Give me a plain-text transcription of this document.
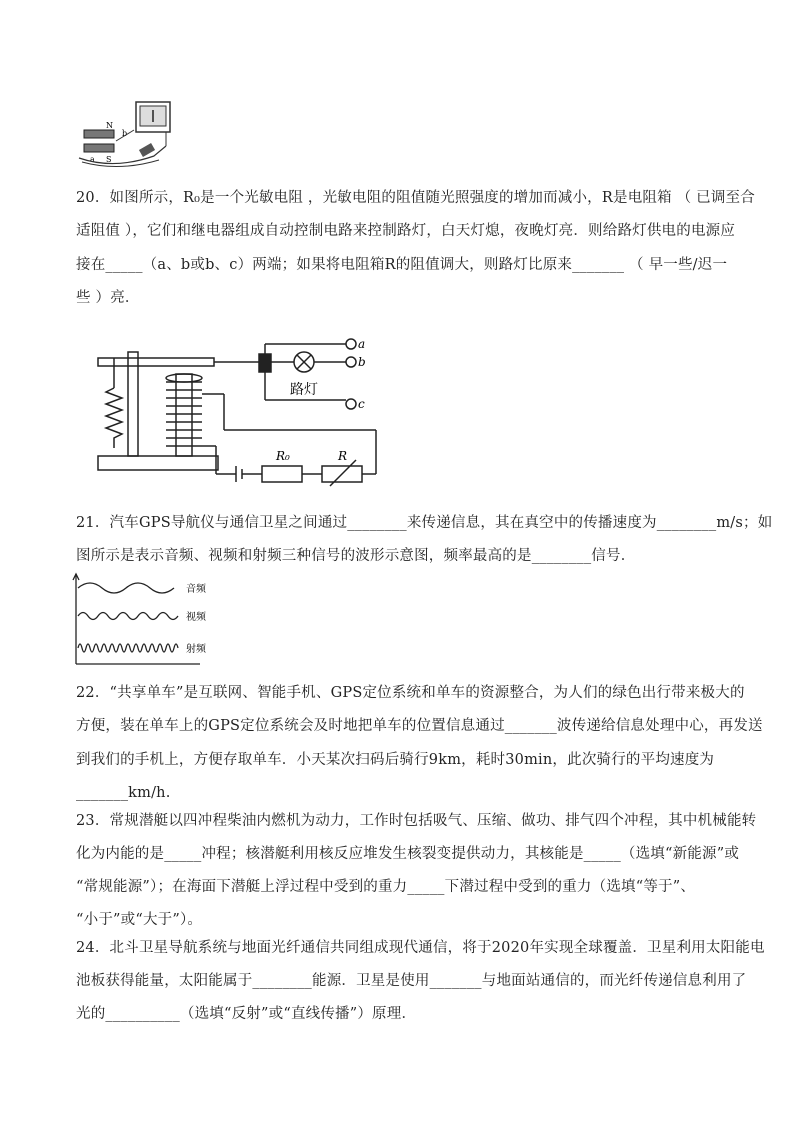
N
S
a
b
20．如图所示，R₀是一个光敏电阻 ，光敏电阻的阻值随光照强度的增加而减小，R是电阻箱 （ 已调至合
适阻值 ），它们和继电器组成自动控制电路来控制路灯，白天灯熄，夜晚灯亮．则给路灯供电的电源应
接在_____（a、b或b、c）两端；如果将电阻箱R的阻值调大，则路灯比原来_______ （ 早一些/迟一
些 ）亮．
a
b
c
路灯
R₀	R
21．汽车GPS导航仪与通信卫星之间通过________来传递信息，其在真空中的传播速度为________m/s；如
图所示是表示音频、视频和射频三种信号的波形示意图，频率最高的是________信号．
音频
视频
射频
22．“共享单车”是互联网、智能手机、GPS定位系统和单车的资源整合，为人们的绿色出行带来极大的
方便，装在单车上的GPS定位系统会及时地把单车的位置信息通过_______波传递给信息处理中心，再发送
到我们的手机上，方便存取单车．小天某次扫码后骑行9km，耗时30min，此次骑行的平均速度为
_______km/h.
23．常规潜艇以四冲程柴油内燃机为动力，工作时包括吸气、压缩、做功、排气四个冲程，其中机械能转
化为内能的是_____冲程；核潜艇利用核反应堆发生核裂变提供动力，其核能是_____（选填“新能源”或
“常规能源”）；在海面下潜艇上浮过程中受到的重力_____下潜过程中受到的重力（选填“等于”、
“小于”或“大于”）。
24．北斗卫星导航系统与地面光纤通信共同组成现代通信，将于2020年实现全球覆盖．卫星利用太阳能电
池板获得能量，太阳能属于________能源．卫星是使用_______与地面站通信的，而光纤传递信息利用了
光的__________（选填“反射”或“直线传播”）原理．
